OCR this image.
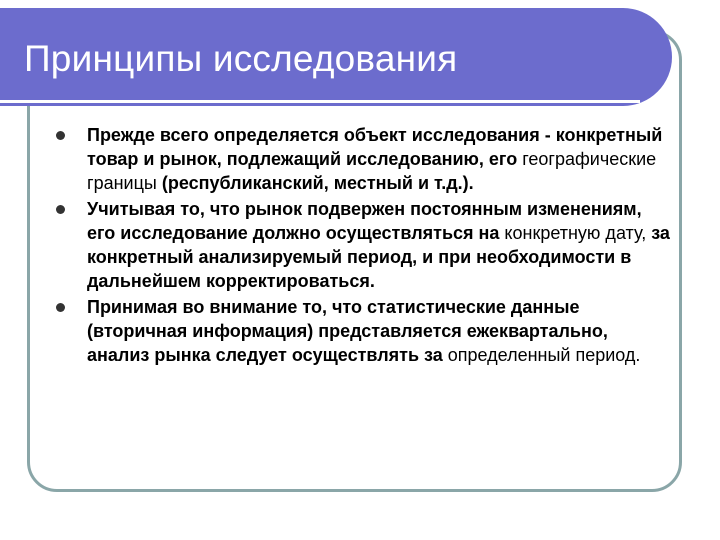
Принципы исследования
Прежде всего определяется объект исследования - конкретный товар и рынок, подлежащий исследованию, его географические границы (республиканский, местный и т.д.).
Учитывая то, что рынок подвержен постоянным изменениям, его исследование должно осуществляться на конкретную дату, за конкретный анализируемый период, и при необходимости в дальнейшем корректироваться.
Принимая во внимание то, что статистические данные (вторичная информация) представляется ежеквартально, анализ рынка следует осуществлять за определенный период.
